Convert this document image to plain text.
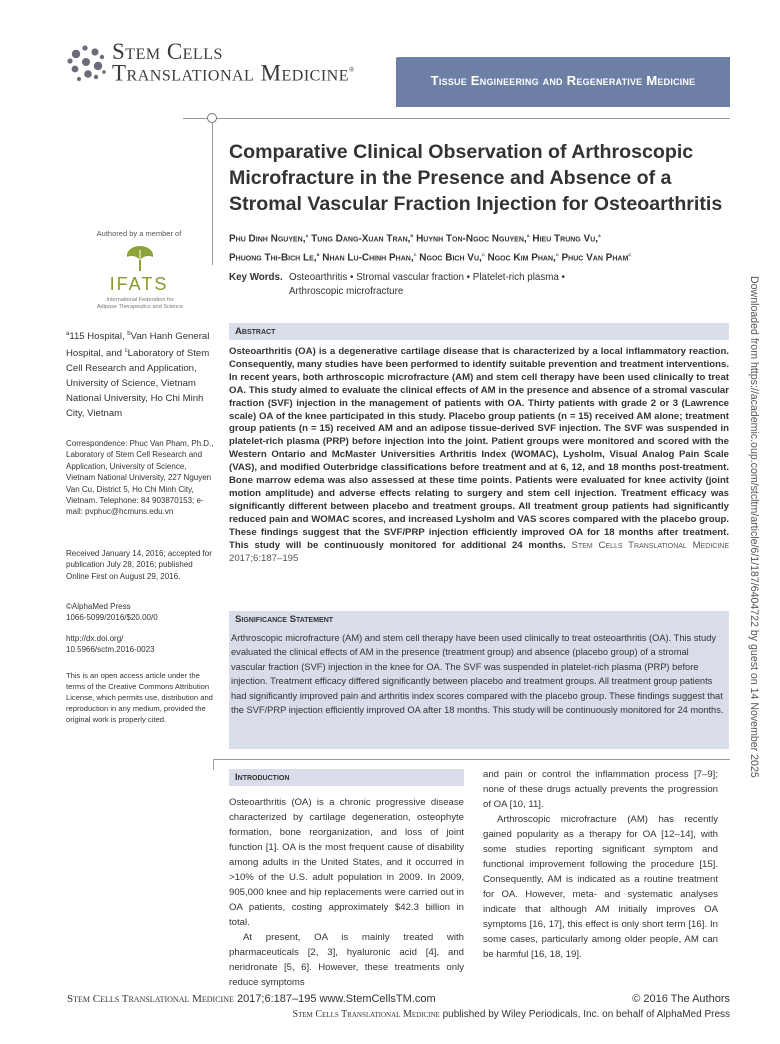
Stem Cells
Translational Medicine®
Tissue Engineering and Regenerative Medicine
Comparative Clinical Observation of Arthroscopic Microfracture in the Presence and Absence of a Stromal Vascular Fraction Injection for Osteoarthritis
Phu Dinh Nguyen,$^a$ Tung Dang-Xuan Tran,$^b$ Huynh Ton-Ngoc Nguyen,$^a$ Hieu Trung Vu,$^a$
Phuong Thi-Bich Le,$^b$ Nhan Lu-Chinh Phan,$^c$ Ngoc Bich Vu,$^c$ Ngoc Kim Phan,$^c$ Phuc Van Pham$^c$
Key Words. Osteoarthritis • Stromal vascular fraction • Platelet-rich plasma •
Arthroscopic microfracture
Authored by a member of
IFATS
International Federation for
Adipose Therapeutics and Science
$^a$115 Hospital, $^b$Van Hanh General Hospital, and $^c$Laboratory of Stem Cell Research and Application, University of Science, Vietnam National University, Ho Chi Minh City, Vietnam
Correspondence: Phuc Van Pham, Ph.D., Laboratory of Stem Cell Research and Application, University of Science, Vietnam National University, 227 Nguyen Van Cu, District 5, Ho Chi Minh City, Vietnam. Telephone: 84 903870153; e-mail: pvphuc@hcmuns.edu.vn
Received January 14, 2016; accepted for publication July 28, 2016; published Online First on August 29, 2016.
©AlphaMed Press
1066-5099/2016/$20.00/0
http://dx.doi.org/
10.5966/sctm.2016-0023
This is an open access article under the terms of the Creative Commons Attribution License, which permits use, distribution and reproduction in any medium, provided the original work is properly cited.
Abstract
Osteoarthritis (OA) is a degenerative cartilage disease that is characterized by a local inflammatory reaction. Consequently, many studies have been performed to identify suitable prevention and treatment interventions. In recent years, both arthroscopic microfracture (AM) and stem cell therapy have been used clinically to treat OA. This study aimed to evaluate the clinical effects of AM in the presence and absence of a stromal vascular fraction (SVF) injection in the management of patients with OA. Thirty patients with grade 2 or 3 (Lawrence scale) OA of the knee participated in this study. Placebo group patients (n = 15) received AM alone; treatment group patients (n = 15) received AM and an adipose tissue-derived SVF injection. The SVF was suspended in platelet-rich plasma (PRP) before injection into the joint. Patient groups were monitored and scored with the Western Ontario and McMaster Universities Arthritis Index (WOMAC), Lysholm, Visual Analog Pain Scale (VAS), and modified Outerbridge classifications before treatment and at 6, 12, and 18 months post-treatment. Bone marrow edema was also assessed at these time points. Patients were evaluated for knee activity (joint motion amplitude) and adverse effects relating to surgery and stem cell injection. Treatment efficacy was significantly different between placebo and treatment groups. All treatment group patients had significantly reduced pain and WOMAC scores, and increased Lysholm and VAS scores compared with the placebo group. These findings suggest that the SVF/PRP injection efficiently improved OA for 18 months after treatment. This study will be continuously monitored for additional 24 months. Stem Cells Translational Medicine 2017;6:187–195
Significance Statement
Arthroscopic microfracture (AM) and stem cell therapy have been used clinically to treat osteoarthritis (OA). This study evaluated the clinical effects of AM in the presence (treatment group) and absence (placebo group) of a stromal vascular fraction (SVF) injection in the knee for OA. The SVF was suspended in platelet-rich plasma (PRP) before injection. Treatment efficacy differed significantly between placebo and treatment groups. All treatment group patients had significantly improved pain and arthritis index scores compared with the placebo group. These findings suggest that the SVF/PRP injection efficiently improved OA after 18 months. This study will be continuously monitored for 24 months.
Introduction

Osteoarthritis (OA) is a chronic progressive disease characterized by cartilage degeneration, osteophyte formation, bone reorganization, and loss of joint function [1]. OA is the most frequent cause of disability among adults in the United States, and it occurred in >10% of the U.S. adult population in 2009. In 2009, 905,000 knee and hip replacements were carried out in OA patients, costing approximately $42.3 billion in total.

At present, OA is mainly treated with pharmaceuticals [2, 3], hyaluronic acid [4], and neridronate [5, 6]. However, these treatments only reduce symptoms

and pain or control the inflammation process [7–9]; none of these drugs actually prevents the progression of OA [10, 11].

Arthroscopic microfracture (AM) has recently gained popularity as a therapy for OA [12–14], with some studies reporting significant symptom and functional improvement following the procedure [15]. Consequently, AM is indicated as a routine treatment for OA. However, meta- and systematic analyses indicate that although AM initially improves OA symptoms [16, 17], this effect is only short term [16]. In some cases, particularly among older people, AM can be harmful [16, 18, 19].

Stem Cells Translational Medicine 2017;6:187–195 www.StemCellsTM.com	© 2016 The Authors
Stem Cells Translational Medicine published by Wiley Periodicals, Inc. on behalf of AlphaMed Press
Downloaded from https://academic.oup.com/stcltm/article/6/1/187/6404722 by guest on 14 November 2025
